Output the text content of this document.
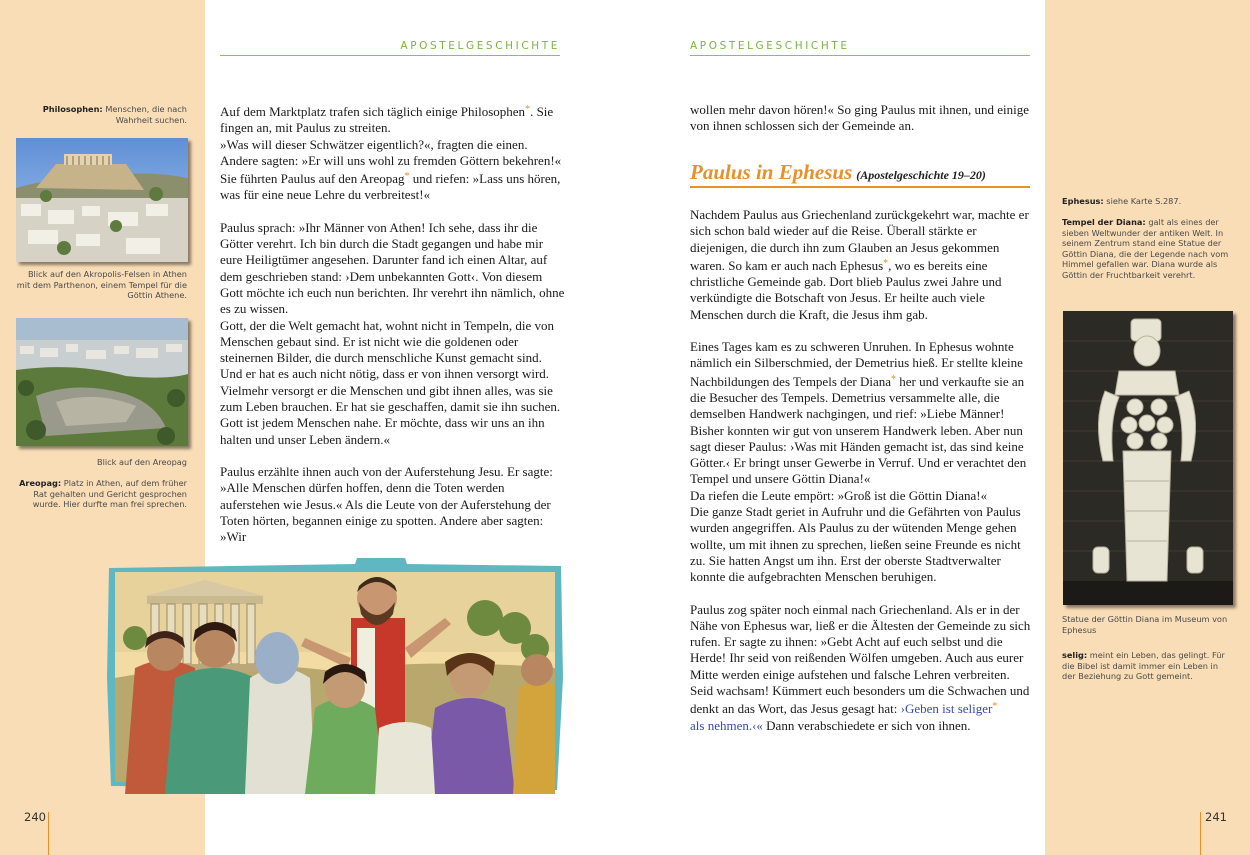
APOSTELGESCHICHTE	APOSTELGESCHICHTE
Philosophen: Menschen, die nach Wahrheit suchen.
Blick auf den Akropolis-Felsen in Athen mit dem Parthenon, einem Tempel für die Göttin Athene.
Blick auf den Areopag
Areopag: Platz in Athen, auf dem früher Rat gehalten und Gericht gesprochen wurde. Hier durfte man frei sprechen.

Auf dem Marktplatz trafen sich täglich einige Philosophen*. Sie fingen an, mit Paulus zu streiten.

»Was will dieser Schwätzer eigentlich?«, fragten die einen. Andere sagten: »Er will uns wohl zu fremden Göttern bekehren!«

Sie führten Paulus auf den Areopag* und riefen: »Lass uns hören, was für eine neue Lehre du verbreitest!«

Paulus sprach: »Ihr Männer von Athen! Ich sehe, dass ihr die Götter verehrt. Ich bin durch die Stadt gegangen und habe mir eure Heiligtümer angesehen. Darunter fand ich einen Altar, auf dem geschrieben stand: ›Dem unbekannten Gott‹. Von diesem Gott möchte ich euch nun berichten. Ihr verehrt ihn nämlich, ohne es zu wissen.

Gott, der die Welt gemacht hat, wohnt nicht in Tempeln, die von Menschen gebaut sind. Er ist nicht wie die goldenen oder steinernen Bilder, die durch menschliche Kunst gemacht sind. Und er hat es auch nicht nötig, dass er von ihnen versorgt wird. Vielmehr versorgt er die Menschen und gibt ihnen alles, was sie zum Leben brauchen. Er hat sie geschaffen, damit sie ihn suchen. Gott ist jedem Menschen nahe. Er möchte, dass wir uns an ihn halten und unser Leben ändern.«

Paulus erzählte ihnen auch von der Auferstehung Jesu. Er sagte: »Alle Menschen dürfen hoffen, denn die Toten werden auferstehen wie Jesus.« Als die Leute von der Auferstehung der Toten hörten, begannen einige zu spotten. Andere aber sagten: »Wir

wollen mehr davon hören!« So ging Paulus mit ihnen, und einige von ihnen schlossen sich der Gemeinde an.
Paulus in Ephesus (Apostelgeschichte 19–20)

Nachdem Paulus aus Griechenland zurückgekehrt war, machte er sich schon bald wieder auf die Reise. Überall stärkte er diejenigen, die durch ihn zum Glauben an Jesus gekommen waren. So kam er auch nach Ephesus*, wo es bereits eine christliche Gemeinde gab. Dort blieb Paulus zwei Jahre und verkündigte die Botschaft von Jesus. Er heilte auch viele Menschen durch die Kraft, die Jesus ihm gab.

Eines Tages kam es zu schweren Unruhen. In Ephesus wohnte nämlich ein Silberschmied, der Demetrius hieß. Er stellte kleine Nachbildungen des Tempels der Diana* her und verkaufte sie an die Besucher des Tempels. Demetrius versammelte alle, die demselben Handwerk nachgingen, und rief: »Liebe Männer! Bisher konnten wir gut von unserem Handwerk leben. Aber nun sagt dieser Paulus: ›Was mit Händen gemacht ist, das sind keine Götter.‹ Er bringt unser Gewerbe in Verruf. Und er verachtet den Tempel und unsere Göttin Diana!«

Da riefen die Leute empört: »Groß ist die Göttin Diana!«

Die ganze Stadt geriet in Aufruhr und die Gefährten von Paulus wurden angegriffen. Als Paulus zu der wütenden Menge gehen wollte, um mit ihnen zu sprechen, ließen seine Freunde es nicht zu. Sie hatten Angst um ihn. Erst der oberste Stadtverwalter konnte die aufgebrachten Menschen beruhigen.

Paulus zog später noch einmal nach Griechenland. Als er in der Nähe von Ephesus war, ließ er die Ältesten der Gemeinde zu sich rufen. Er sagte zu ihnen: »Gebt Acht auf euch selbst und die Herde! Ihr seid von reißenden Wölfen umgeben. Auch aus eurer Mitte werden einige aufstehen und falsche Lehren verbreiten. Seid wachsam! Kümmert euch besonders um die Schwachen und denkt an das Wort, das Jesus gesagt hat: ›Geben ist seliger*
als nehmen.‹« Dann verabschiedete er sich von ihnen.

Ephesus: siehe Karte S.287.
Tempel der Diana: galt als eines der sieben Weltwunder der antiken Welt. In seinem Zentrum stand eine Statue der Göttin Diana, die der Legende nach vom Himmel gefallen war. Diana wurde als Göttin der Fruchtbarkeit verehrt.
Statue der Göttin Diana im Museum von Ephesus
selig: meint ein Leben, das gelingt. Für die Bibel ist damit immer ein Leben in der Beziehung zu Gott gemeint.
240	241
